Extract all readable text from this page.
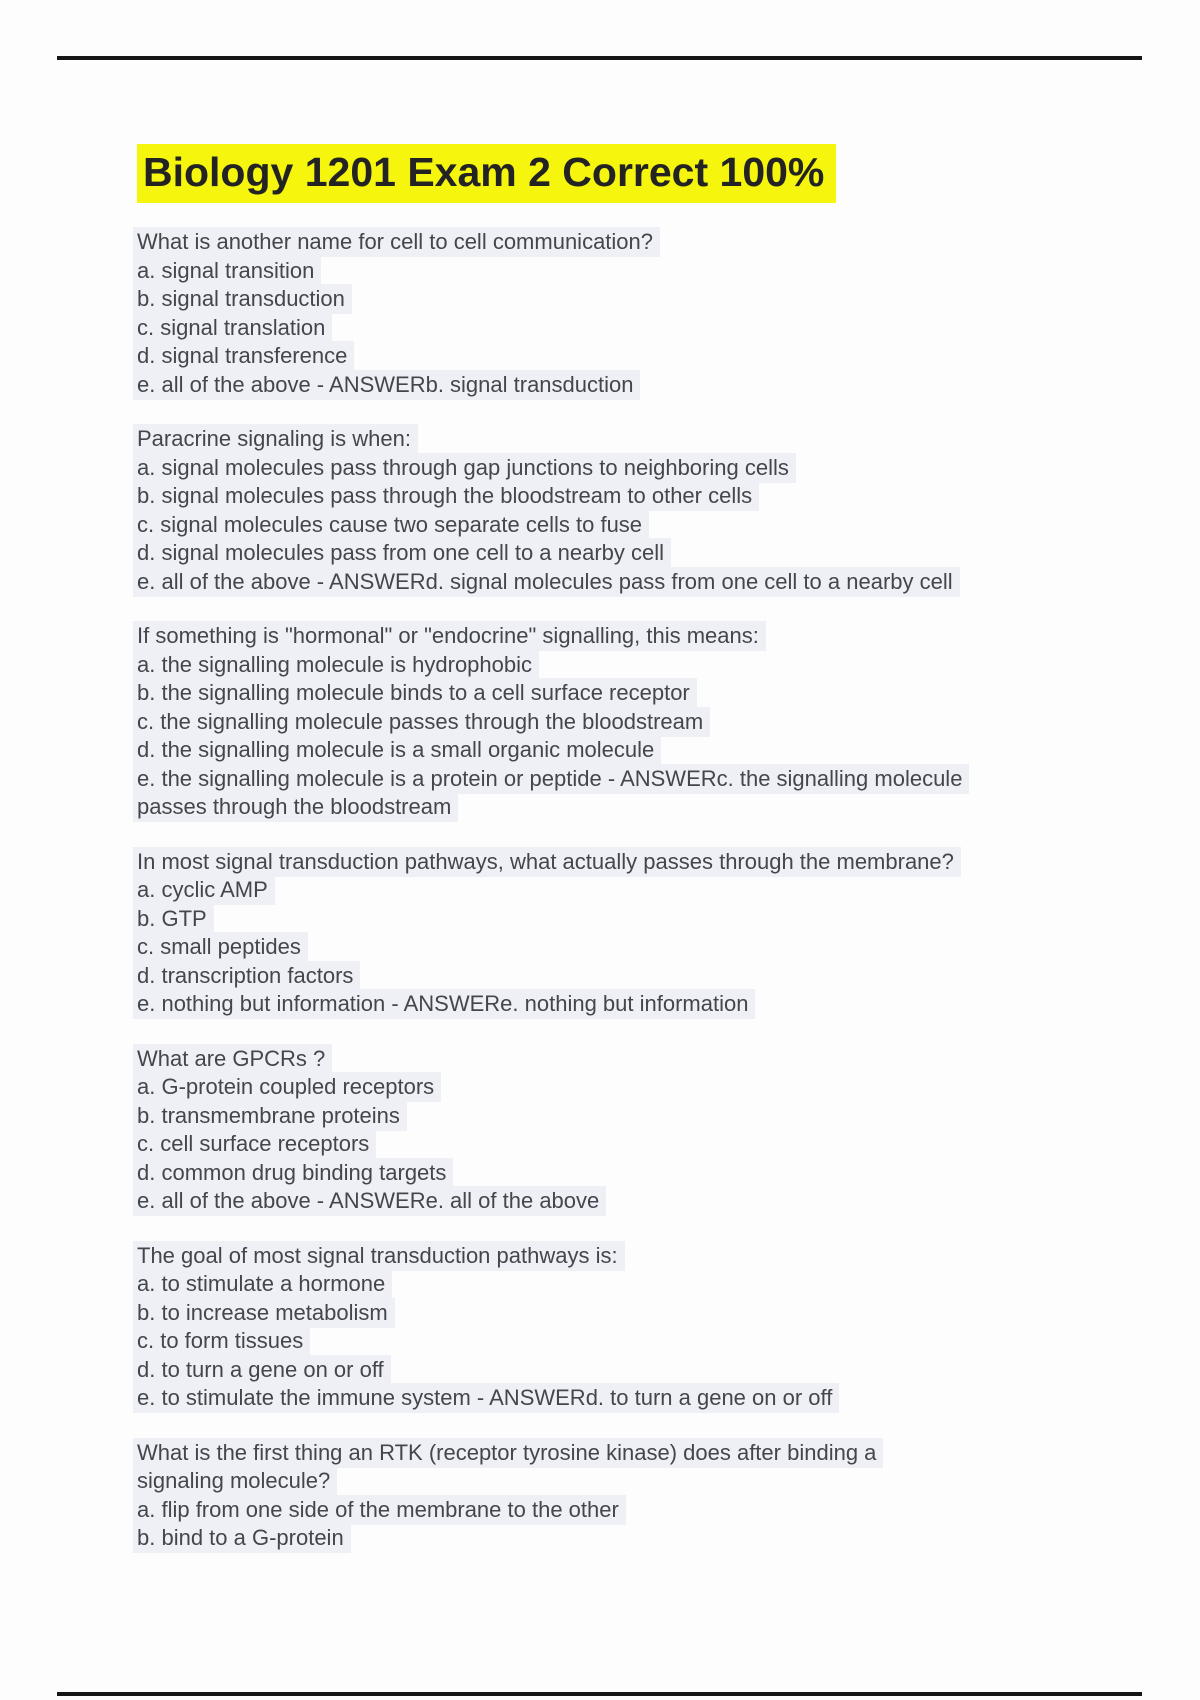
Biology 1201 Exam 2 Correct 100%
What is another name for cell to cell communication?
a. signal transition
b. signal transduction
c. signal translation
d. signal transference
e. all of the above - ANSWERb. signal transduction
Paracrine signaling is when:
a. signal molecules pass through gap junctions to neighboring cells
b. signal molecules pass through the bloodstream to other cells
c. signal molecules cause two separate cells to fuse
d. signal molecules pass from one cell to a nearby cell
e. all of the above - ANSWERd. signal molecules pass from one cell to a nearby cell
If something is "hormonal" or "endocrine" signalling, this means:
a. the signalling molecule is hydrophobic
b. the signalling molecule binds to a cell surface receptor
c. the signalling molecule passes through the bloodstream
d. the signalling molecule is a small organic molecule
e. the signalling molecule is a protein or peptide - ANSWERc. the signalling molecule
passes through the bloodstream
In most signal transduction pathways, what actually passes through the membrane?
a. cyclic AMP
b. GTP
c. small peptides
d. transcription factors
e. nothing but information - ANSWERe. nothing but information
What are GPCRs ?
a. G-protein coupled receptors
b. transmembrane proteins
c. cell surface receptors
d. common drug binding targets
e. all of the above - ANSWERe. all of the above
The goal of most signal transduction pathways is:
a. to stimulate a hormone
b. to increase metabolism
c. to form tissues
d. to turn a gene on or off
e. to stimulate the immune system - ANSWERd. to turn a gene on or off
What is the first thing an RTK (receptor tyrosine kinase) does after binding a
signaling molecule?
a. flip from one side of the membrane to the other
b. bind to a G-protein
